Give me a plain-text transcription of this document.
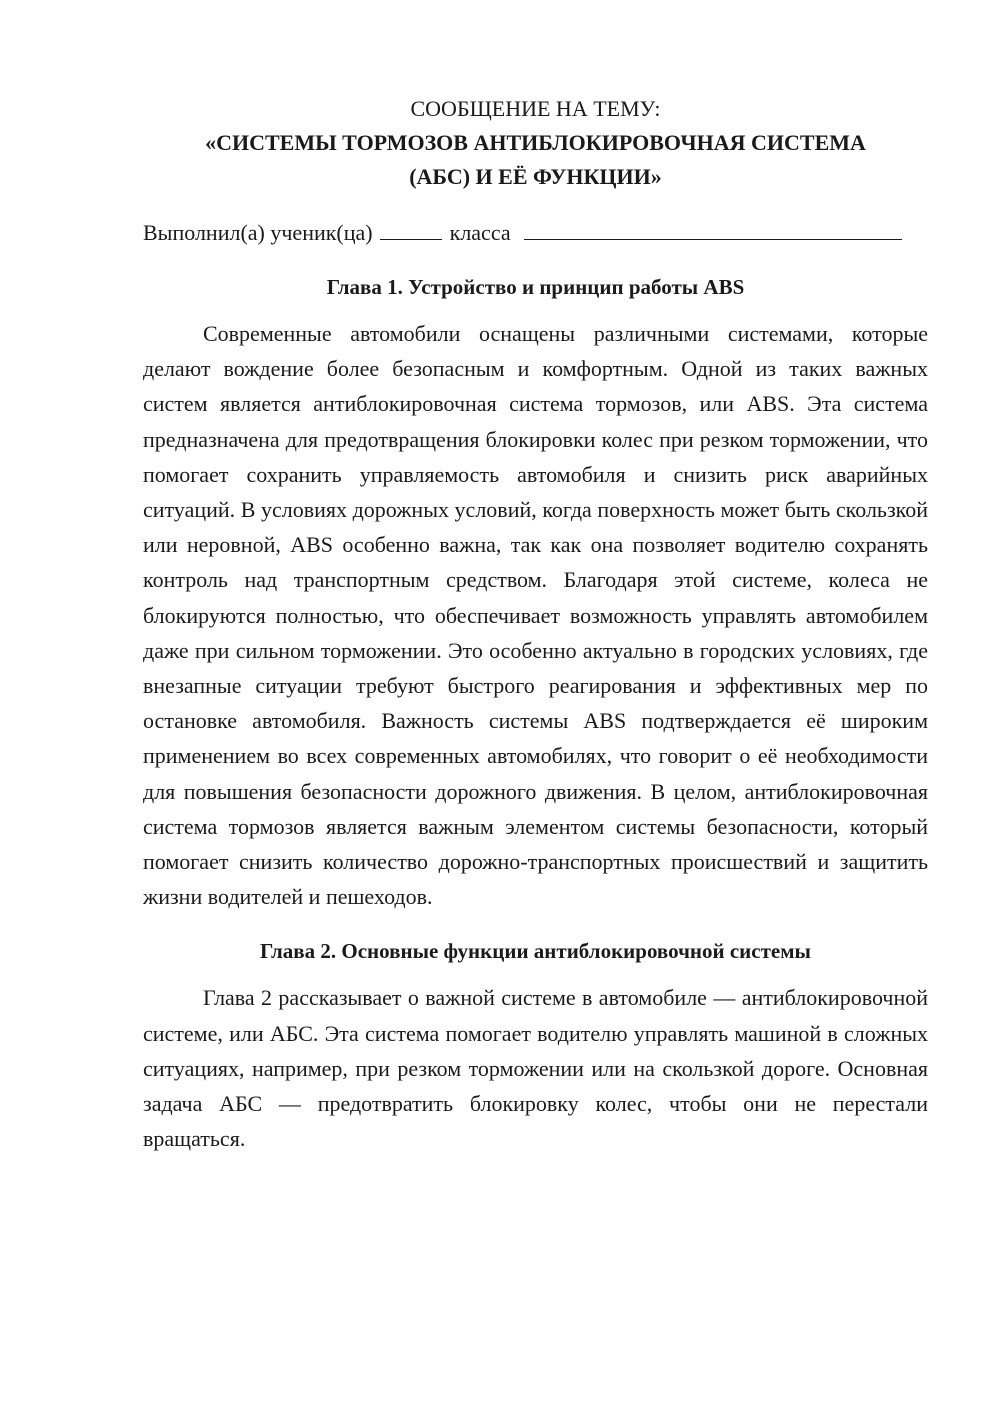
СООБЩЕНИЕ НА ТЕМУ:

«СИСТЕМЫ ТОРМОЗОВ АНТИБЛОКИРОВОЧНАЯ СИСТЕМА

(АБС) И ЕЁ ФУНКЦИИ»

Выполнил(а) ученик(ца)	класса

Глава 1. Устройство и принцип работы ABS

Современные автомобили оснащены различными системами, которые делают вождение более безопасным и комфортным. Одной из таких важных систем является антиблокировочная система тормозов, или ABS. Эта система предназначена для предотвращения блокировки колес при резком торможении, что помогает сохранить управляемость автомобиля и снизить риск аварийных ситуаций. В условиях дорожных условий, когда поверхность может быть скользкой или неровной, ABS особенно важна, так как она позволяет водителю сохранять контроль над транспортным средством. Благодаря этой системе, колеса не блокируются полностью, что обеспечивает возможность управлять автомобилем даже при сильном торможении. Это особенно актуально в городских условиях, где внезапные ситуации требуют быстрого реагирования и эффективных мер по остановке автомобиля. Важность системы ABS подтверждается её широким применением во всех современных автомобилях, что говорит о её необходимости для повышения безопасности дорожного движения. В целом, антиблокировочная система тормозов является важным элементом системы безопасности, который помогает снизить количество дорожно-транспортных происшествий и защитить жизни водителей и пешеходов.

Глава 2. Основные функции антиблокировочной системы

Глава 2 рассказывает о важной системе в автомобиле — антиблокировочной системе, или АБС. Эта система помогает водителю управлять машиной в сложных ситуациях, например, при резком торможении или на скользкой дороге. Основная задача АБС — предотвратить блокировку колес, чтобы они не перестали вращаться.
